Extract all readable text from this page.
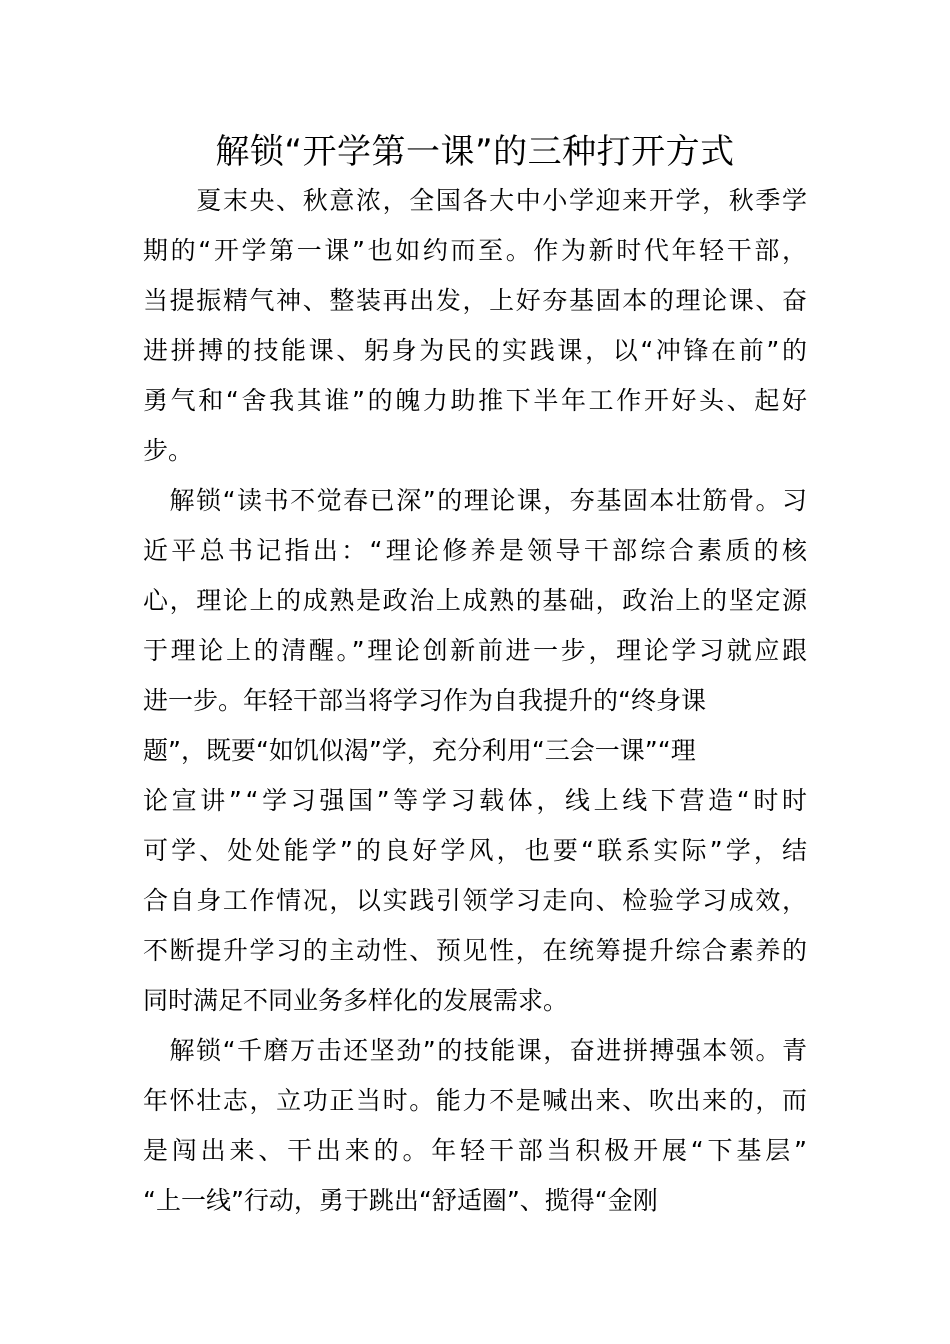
解锁“开学第一课”的三种打开方式
　　夏末央、秋意浓，全国各大中小学迎来开学，秋季学
期的“开学第一课”也如约而至。作为新时代年轻干部，
当提振精气神、整装再出发，上好夯基固本的理论课、奋
进拼搏的技能课、躬身为民的实践课，以“冲锋在前”的
勇气和“舍我其谁”的魄力助推下半年工作开好头、起好
步。
　解锁“读书不觉春已深”的理论课，夯基固本壮筋骨。习
近平总书记指出：“理论修养是领导干部综合素质的核
心，理论上的成熟是政治上成熟的基础，政治上的坚定源
于理论上的清醒。”理论创新前进一步，理论学习就应跟
进一步。年轻干部当将学习作为自我提升的“终身课
题”，既要“如饥似渴”学，充分利用“三会一课”“理
论宣讲”“学习强国”等学习载体，线上线下营造“时时
可学、处处能学”的良好学风，也要“联系实际”学，结
合自身工作情况，以实践引领学习走向、检验学习成效，
不断提升学习的主动性、预见性，在统筹提升综合素养的
同时满足不同业务多样化的发展需求。
　解锁“千磨万击还坚劲”的技能课，奋进拼搏强本领。青
年怀壮志，立功正当时。能力不是喊出来、吹出来的，而
是闯出来、干出来的。年轻干部当积极开展“下基层”
“上一线”行动，勇于跳出“舒适圈”、揽得“金刚
